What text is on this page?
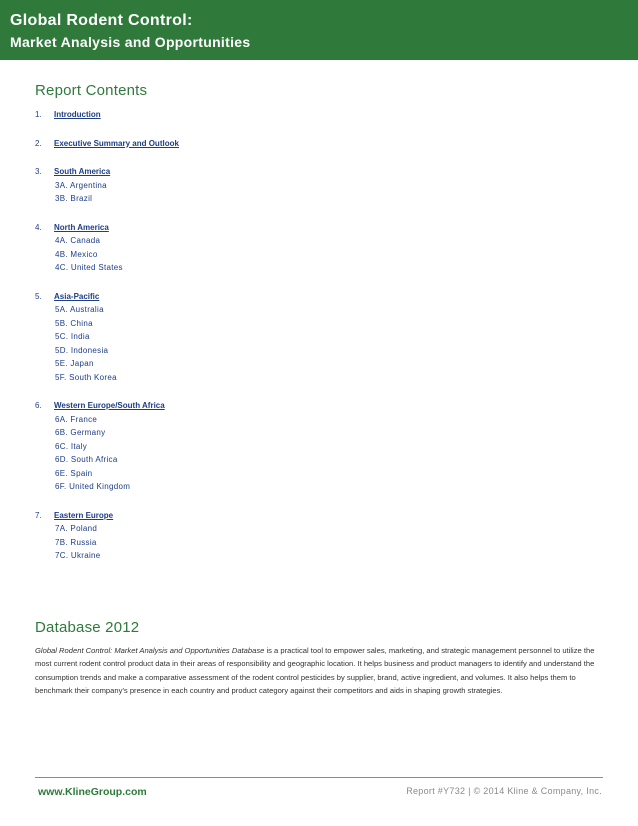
Global Rodent Control:
Market Analysis and Opportunities
Report Contents
1. Introduction
2. Executive Summary and Outlook
3. South America
3A. Argentina
3B. Brazil
4. North America
4A. Canada
4B. Mexico
4C. United States
5. Asia-Pacific
5A. Australia
5B. China
5C. India
5D. Indonesia
5E. Japan
5F. South Korea
6. Western Europe/South Africa
6A. France
6B. Germany
6C. Italy
6D. South Africa
6E. Spain
6F. United Kingdom
7. Eastern Europe
7A. Poland
7B. Russia
7C. Ukraine
Database 2012

Global Rodent Control: Market Analysis and Opportunities Database is a practical tool to empower sales, marketing, and strategic management personnel to utilize the most current rodent control product data in their areas of responsibility and geographic location. It helps business and product managers to identify and understand the consumption trends and make a comparative assessment of the rodent control pesticides by supplier, brand, active ingredient, and volumes. It also helps them to benchmark their company’s presence in each country and product category against their competitors and aids in shaping growth strategies.

www.KlineGroup.com	Report #Y732 | © 2014 Kline & Company, Inc.
